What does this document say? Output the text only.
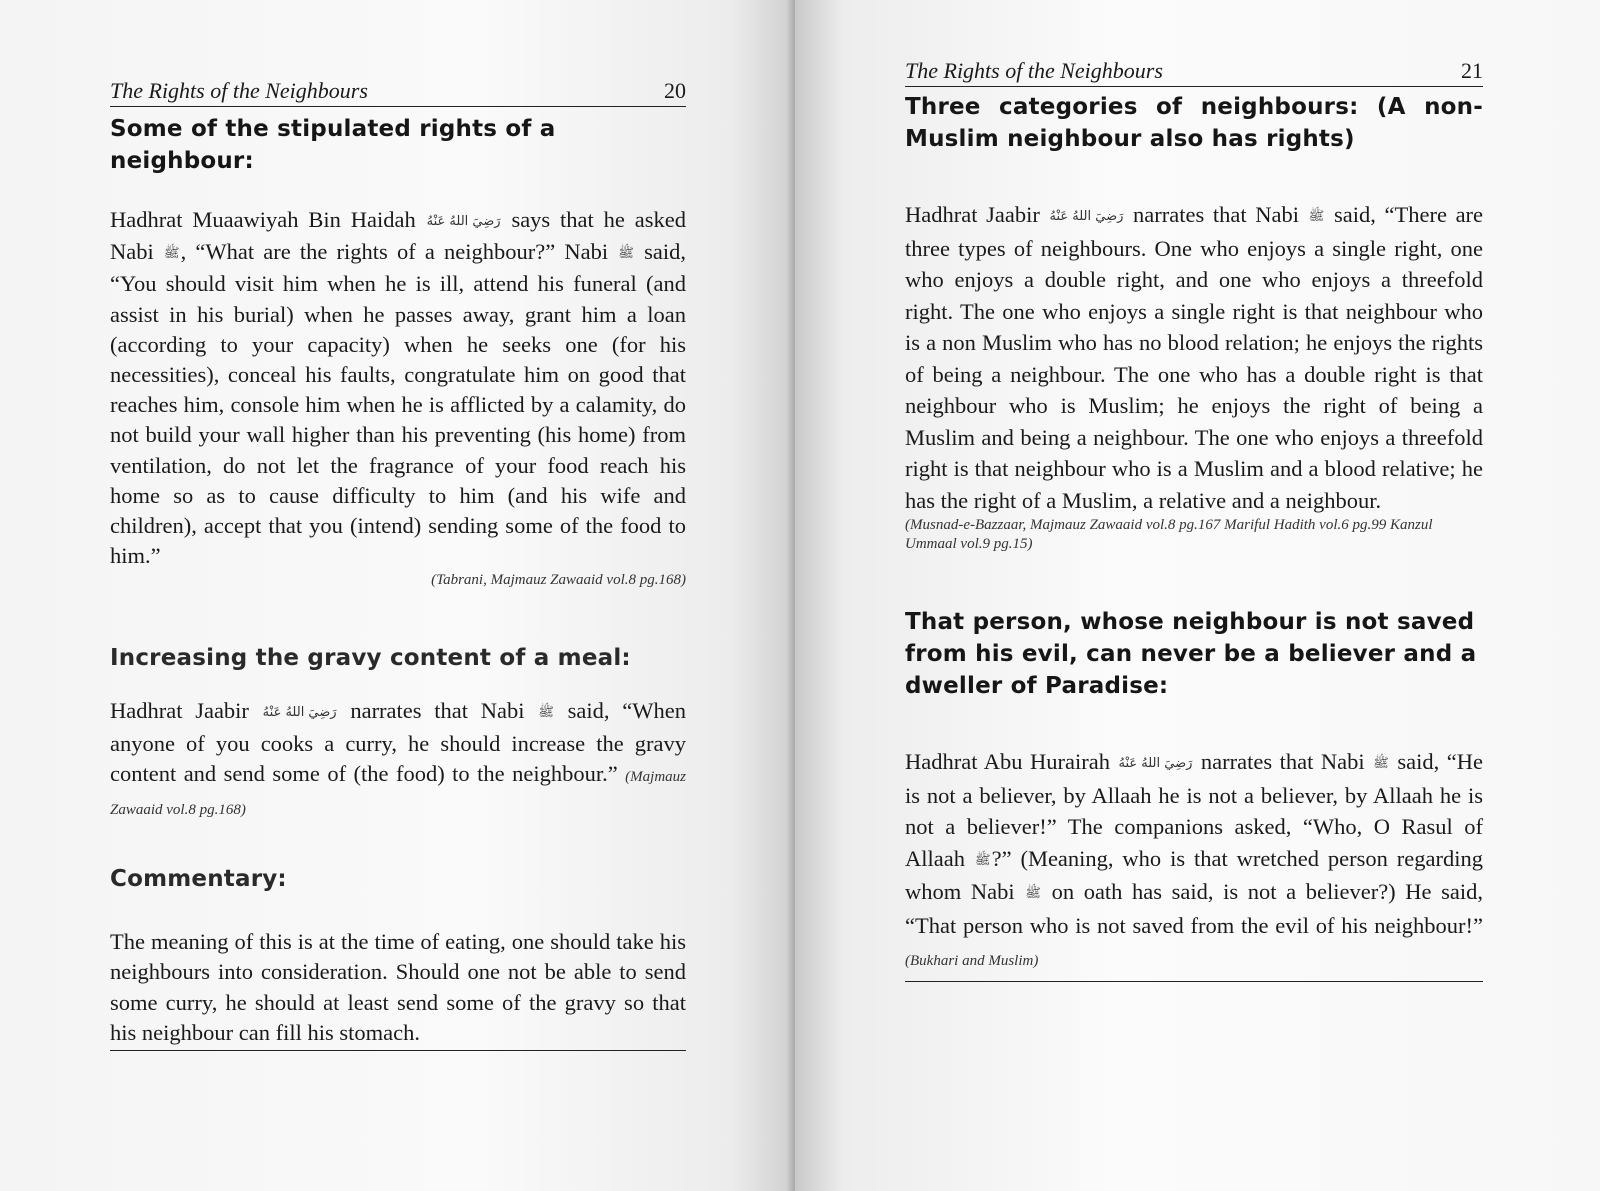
The Rights of the Neighbours	20
Some of the stipulated rights of a neighbour:

Hadhrat Muaawiyah Bin Haidah رَضِيَ اللهُ عَنْهُ says that he asked Nabi ﷺ, “What are the rights of a neighbour?” Nabi ﷺ said, “You should visit him when he is ill, attend his funeral (and assist in his burial) when he passes away, grant him a loan (according to your capacity) when he seeks one (for his necessities), conceal his faults, congratulate him on good that reaches him, console him when he is afflicted by a calamity, do not build your wall higher than his preventing (his home) from ventilation, do not let the fragrance of your food reach his home so as to cause difficulty to him (and his wife and children), accept that you (intend) sending some of the food to him.”

(Tabrani, Majmauz Zawaaid vol.8 pg.168)
Increasing the gravy content of a meal:

Hadhrat Jaabir رَضِيَ اللهُ عَنْهُ narrates that Nabi ﷺ said, “When anyone of you cooks a curry, he should increase the gravy content and send some of (the food) to the neighbour.” (Majmauz Zawaaid vol.8 pg.168)

Commentary:

The meaning of this is at the time of eating, one should take his neighbours into consideration. Should one not be able to send some curry, he should at least send some of the gravy so that his neighbour can fill his stomach.

The Rights of the Neighbours	21
Three categories of neighbours: (A non-Muslim neighbour also has rights)

Hadhrat Jaabir رَضِيَ اللهُ عَنْهُ narrates that Nabi ﷺ said, “There are three types of neighbours. One who enjoys a single right, one who enjoys a double right, and one who enjoys a threefold right. The one who enjoys a single right is that neighbour who is a non Muslim who has no blood relation; he enjoys the rights of being a neighbour. The one who has a double right is that neighbour who is Muslim; he enjoys the right of being a Muslim and being a neighbour. The one who enjoys a threefold right is that neighbour who is a Muslim and a blood relative; he has the right of a Muslim, a relative and a neighbour.

(Musnad-e-Bazzaar, Majmauz Zawaaid vol.8 pg.167 Mariful Hadith vol.6 pg.99 Kanzul Ummaal vol.9 pg.15)
That person, whose neighbour is not saved from his evil, can never be a believer and a dweller of Paradise:

Hadhrat Abu Hurairah رَضِيَ اللهُ عَنْهُ narrates that Nabi ﷺ said, “He is not a believer, by Allaah he is not a believer, by Allaah he is not a believer!” The companions asked, “Who, O Rasul of Allaah ﷺ?” (Meaning, who is that wretched person regarding whom Nabi ﷺ on oath has said, is not a believer?) He said, “That person who is not saved from the evil of his neighbour!” (Bukhari and Muslim)
